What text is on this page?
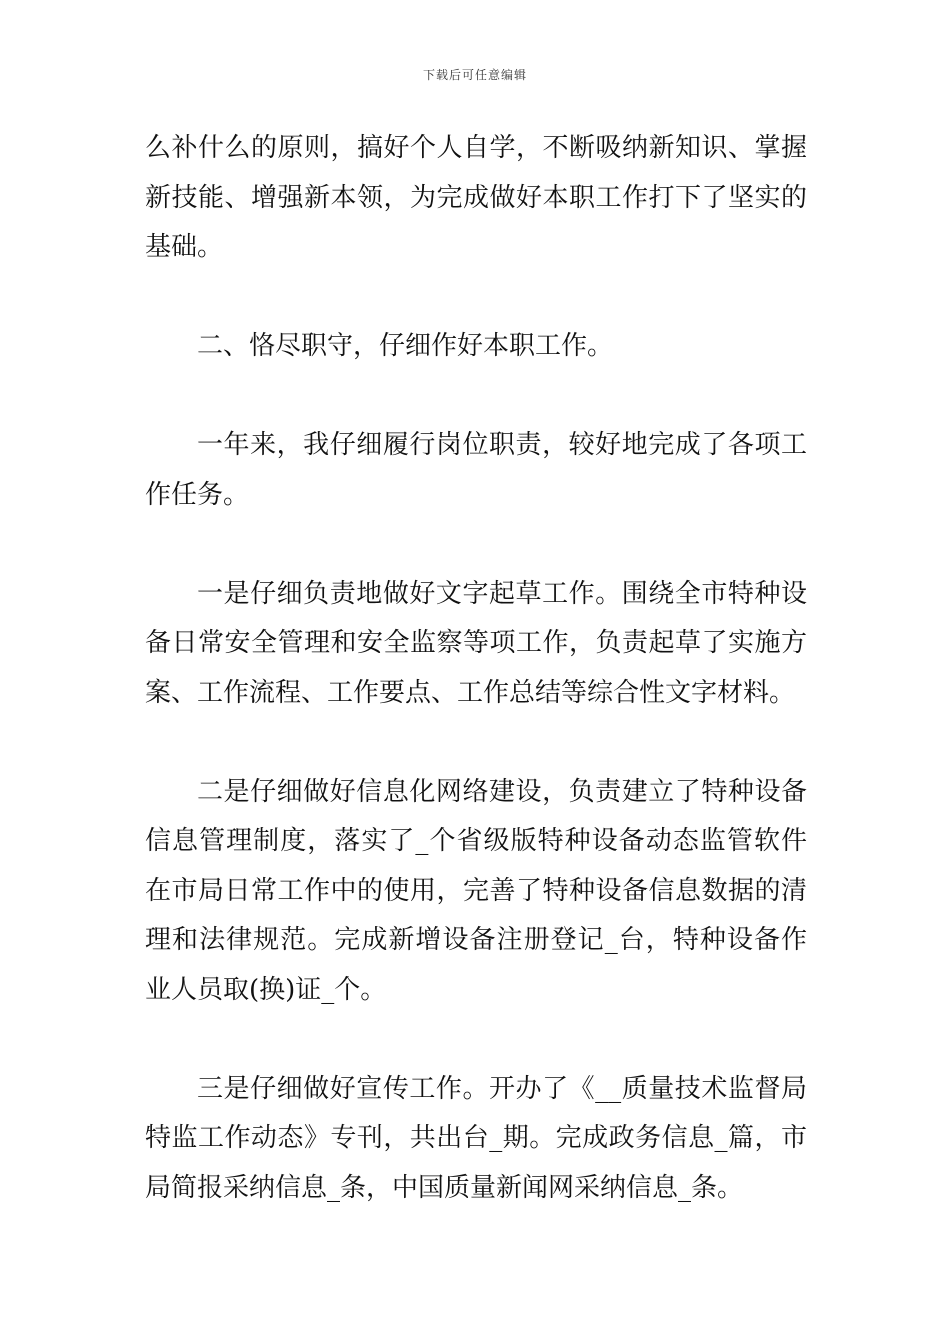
下载后可任意编辑

么补什么的原则，搞好个人自学，不断吸纳新知识、掌握新技能、增强新本领，为完成做好本职工作打下了坚实的基础。

二、恪尽职守，仔细作好本职工作。

一年来，我仔细履行岗位职责，较好地完成了各项工作任务。

一是仔细负责地做好文字起草工作。围绕全市特种设备日常安全管理和安全监察等项工作，负责起草了实施方案、工作流程、工作要点、工作总结等综合性文字材料。

二是仔细做好信息化网络建设，负责建立了特种设备信息管理制度，落实了_个省级版特种设备动态监管软件在市局日常工作中的使用，完善了特种设备信息数据的清理和法律规范。完成新增设备注册登记_台，特种设备作业人员取(换)证_个。

三是仔细做好宣传工作。开办了《__质量技术监督局特监工作动态》专刊，共出台_期。完成政务信息_篇，市局简报采纳信息_条，中国质量新闻网采纳信息_条。
